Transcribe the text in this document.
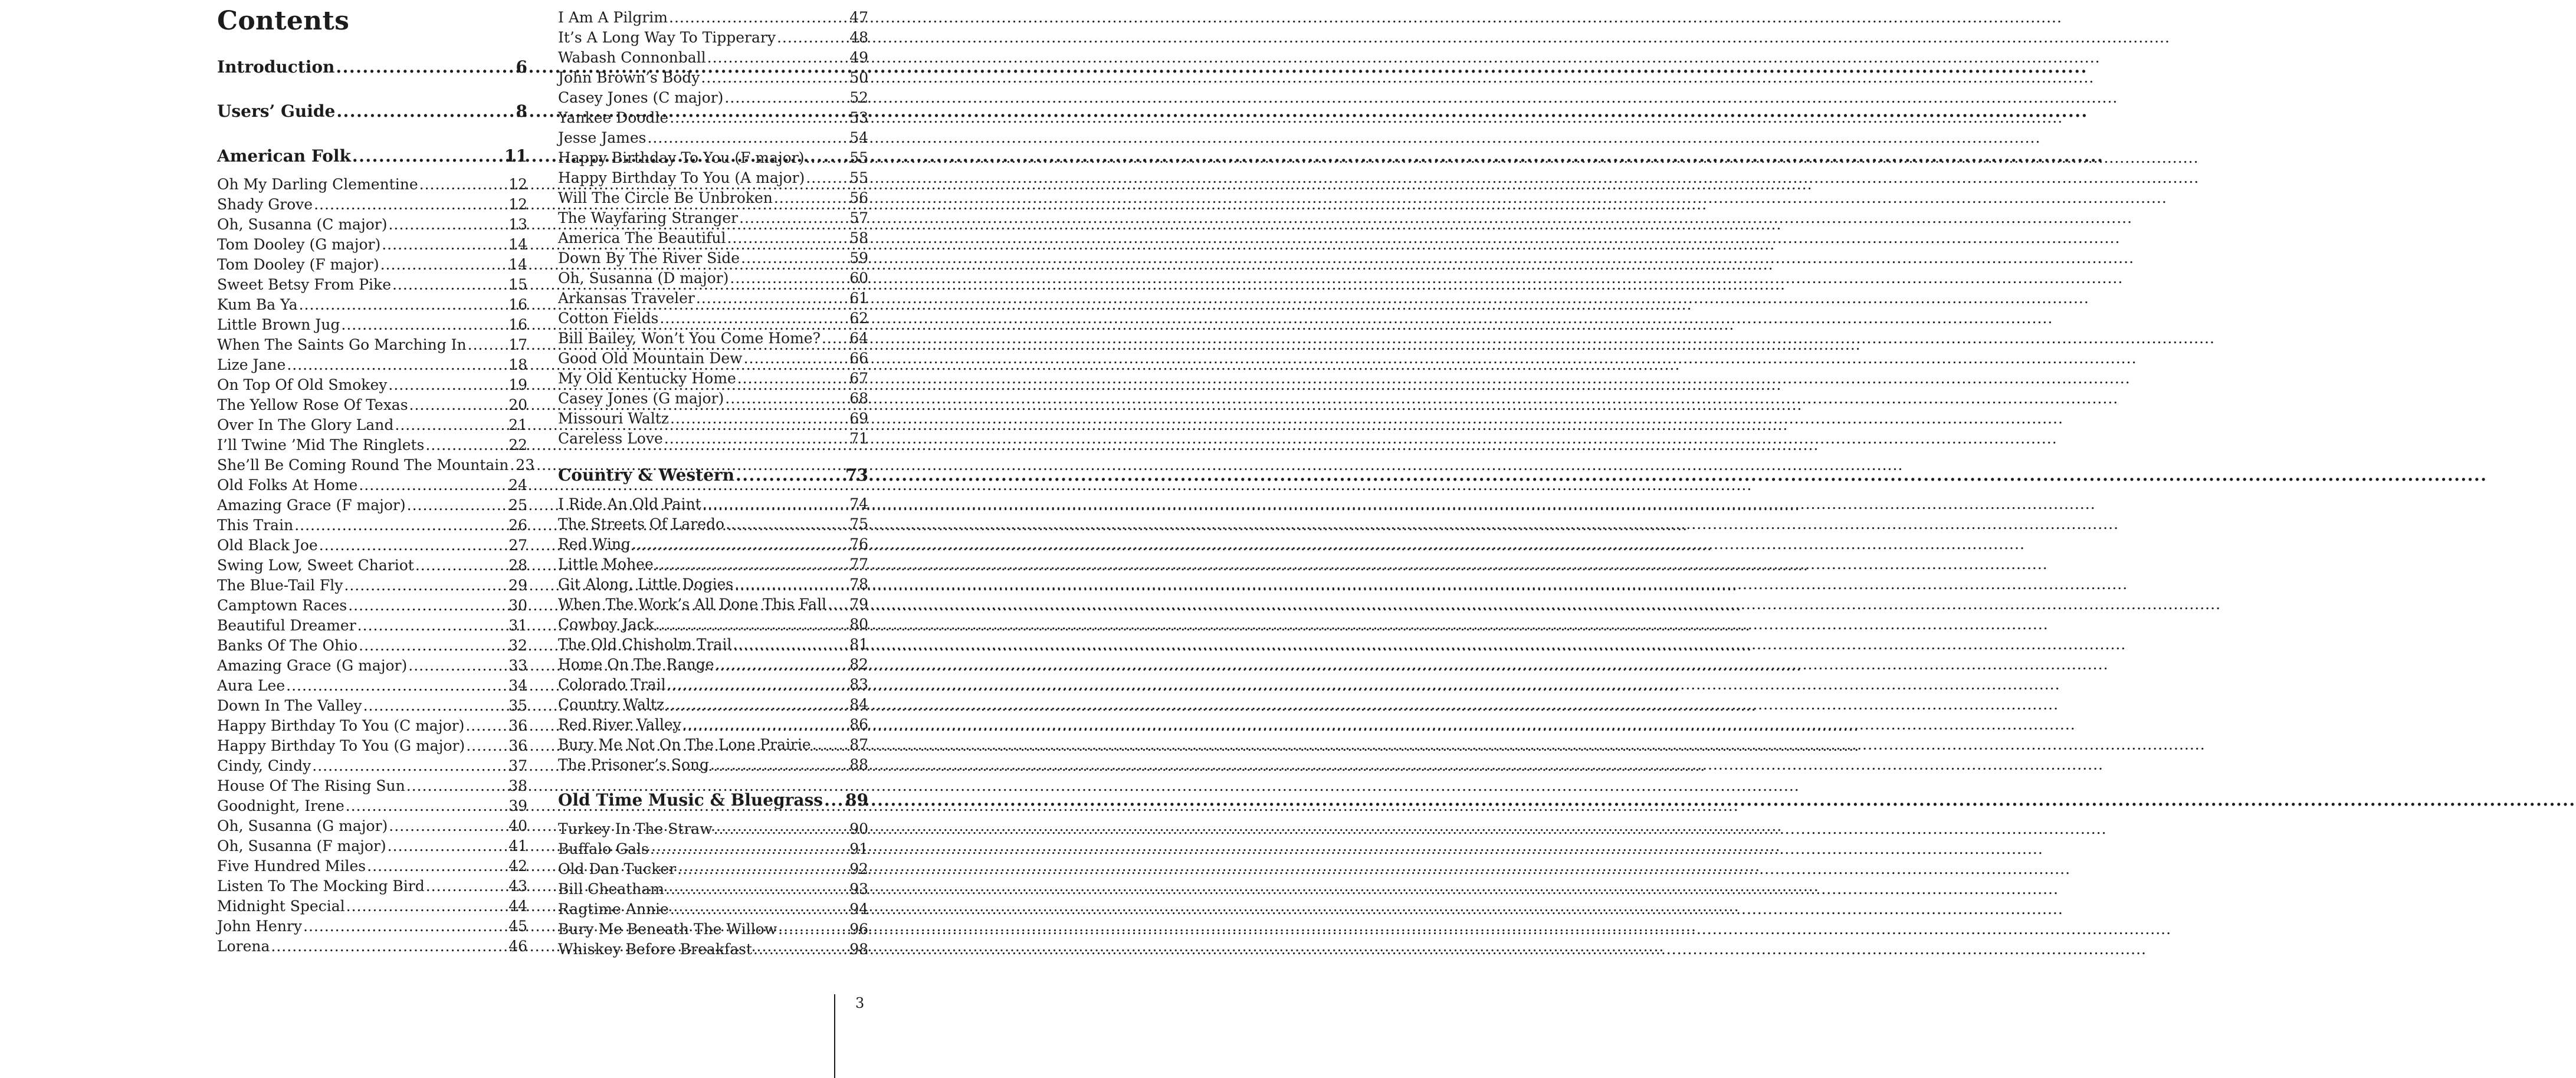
Contents
Introduction .....	6
Users’ Guide .....	8
American Folk .....	11
Oh My Darling Clementine .....	12
Shady Grove .....	12
Oh, Susanna (C major) .....	13
Tom Dooley (G major) .....	14
Tom Dooley (F major) .....	14
Sweet Betsy From Pike .....	15
Kum Ba Ya .....	16
Little Brown Jug .....	16
When The Saints Go Marching In .....	17
Lize Jane .....	18
On Top Of Old Smokey .....	19
The Yellow Rose Of Texas .....	20
Over In The Glory Land .....	21
I’ll Twine ’Mid The Ringlets .....	22
She’ll Be Coming Round The Mountain ..... 23
Old Folks At Home .....	24
Amazing Grace (F major) .....	25
This Train .....	26
Old Black Joe .....	27
Swing Low, Sweet Chariot .....	28
The Blue-Tail Fly .....	29
Camptown Races .....	30
Beautiful Dreamer .....	31
Banks Of The Ohio .....	32
Amazing Grace (G major) .....	33
Aura Lee .....	34
Down In The Valley .....	35
Happy Birthday To You (C major) .....	36
Happy Birthday To You (G major) .....	36
Cindy, Cindy .....	37
House Of The Rising Sun .....	38
Goodnight, Irene .....	39
Oh, Susanna (G major) .....	40
Oh, Susanna (F major) .....	41
Five Hundred Miles .....	42
Listen To The Mocking Bird .....	43
Midnight Special .....	44
John Henry .....	45
Lorena .....	46
I Am A Pilgrim .....	47
It’s A Long Way To Tipperary .....	48
Wabash Connonball .....	49
John Brown’s Body .....	50
Casey Jones (C major) .....	52
Yankee Doodle .....	53
Jesse James .....	54
Happy Birthday To You (F major) .....	55
Happy Birthday To You (A major) .....	55
Will The Circle Be Unbroken .....	56
The Wayfaring Stranger .....	57
America The Beautiful .....	58
Down By The River Side .....	59
Oh, Susanna (D major) .....	60
Arkansas Traveler .....	61
Cotton Fields .....	62
Bill Bailey, Won’t You Come Home? ..... 64
Good Old Mountain Dew .....	66
My Old Kentucky Home .....	67
Casey Jones (G major) .....	68
Missouri Waltz .....	69
Careless Love .....	71
Country & Western .....	73
I Ride An Old Paint .....	74
The Streets Of Laredo .....	75
Red Wing .....	76
Little Mohee .....	77
Git Along, Little Dogies .....	78
When The Work’s All Done This Fall ..... 79
Cowboy Jack .....	80
The Old Chisholm Trail .....	81
Home On The Range .....	82
Colorado Trail .....	83
Country Waltz .....	84
Red River Valley .....	86
Bury Me Not On The Lone Prairie .....	87
The Prisoner’s Song .....	88
Old Time Music & Bluegrass ..... 89
Turkey In The Straw .....	90
Buffalo Gals .....	91
Old Dan Tucker .....	92
Bill Cheatham .....	93
Ragtime Annie .....	94
Bury Me Beneath The Willow .....	96
Whiskey Before Breakfast .....	98
3
